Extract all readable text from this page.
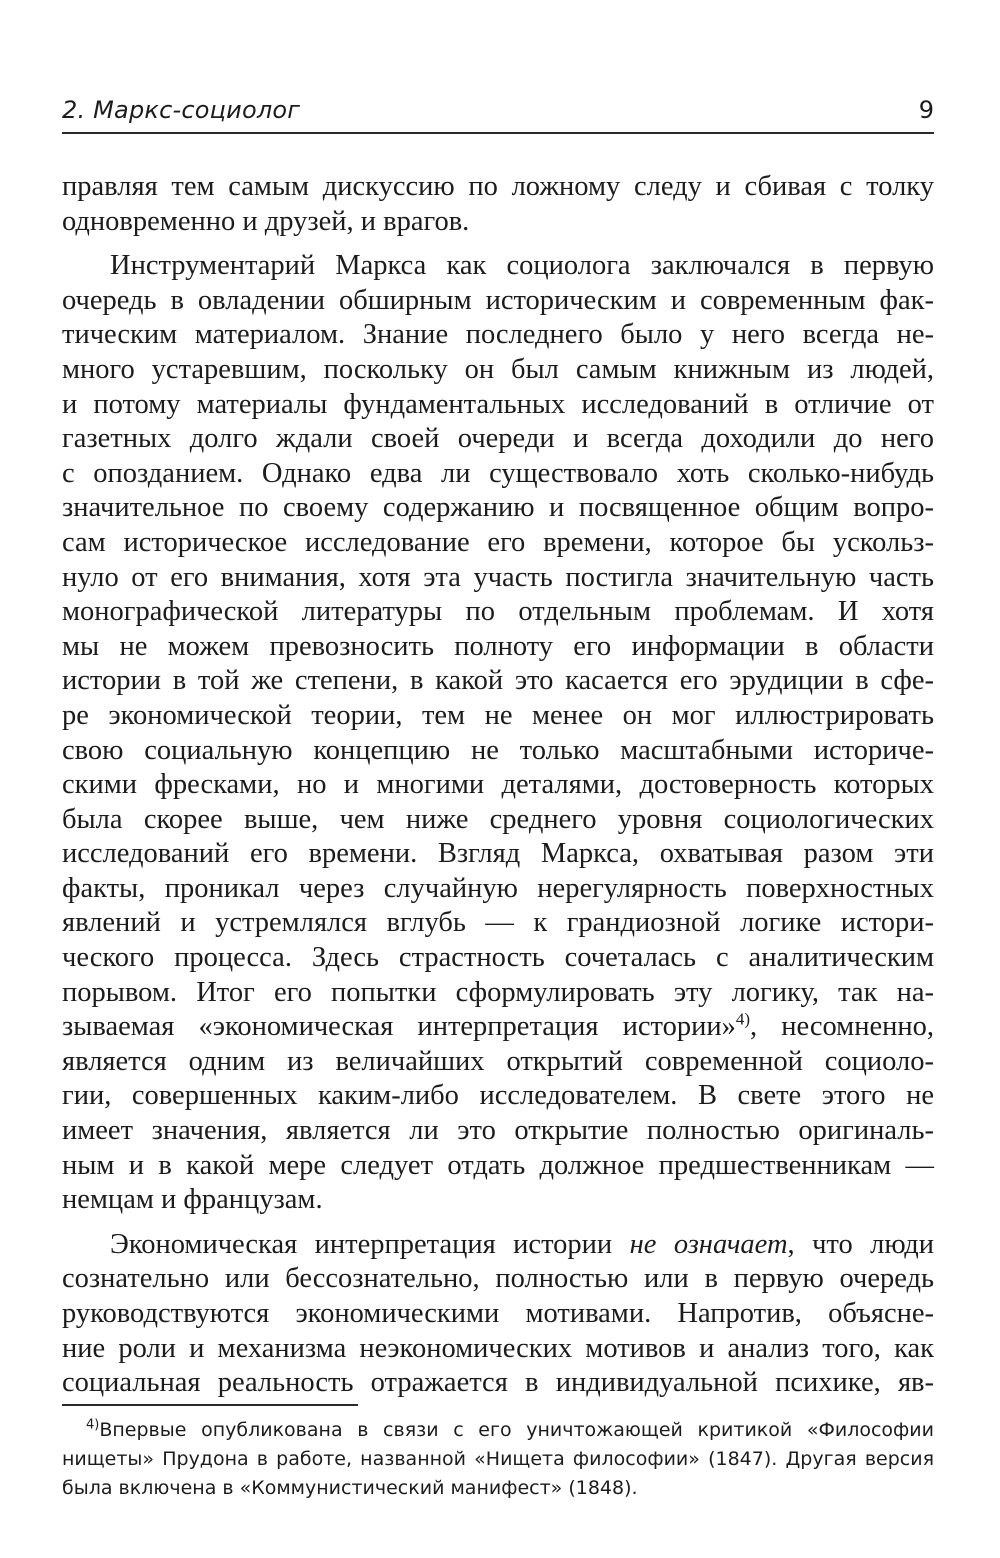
2. Маркс-социолог	9
правляя тем самым дискуссию по ложному следу и сбивая с толку
одновременно и друзей, и врагов.
Инструментарий Маркса как социолога заключался в первую
очередь в овладении обширным историческим и современным фак-
тическим материалом. Знание последнего было у него всегда не-
много устаревшим, поскольку он был самым книжным из людей,
и потому материалы фундаментальных исследований в отличие от
газетных долго ждали своей очереди и всегда доходили до него
с опозданием. Однако едва ли существовало хоть сколько-нибудь
значительное по своему содержанию и посвященное общим вопро-
сам историческое исследование его времени, которое бы ускольз-
нуло от его внимания, хотя эта участь постигла значительную часть
монографической литературы по отдельным проблемам. И хотя
мы не можем превозносить полноту его информации в области
истории в той же степени, в какой это касается его эрудиции в сфе-
ре экономической теории, тем не менее он мог иллюстрировать
свою социальную концепцию не только масштабными историче-
скими фресками, но и многими деталями, достоверность которых
была скорее выше, чем ниже среднего уровня социологических
исследований его времени. Взгляд Маркса, охватывая разом эти
факты, проникал через случайную нерегулярность поверхностных
явлений и устремлялся вглубь — к грандиозной логике истори-
ческого процесса. Здесь страстность сочеталась с аналитическим
порывом. Итог его попытки сформулировать эту логику, так на-
зываемая «экономическая интерпретация истории»$^{4)}$, несомненно,
является одним из величайших открытий современной социоло-
гии, совершенных каким-либо исследователем. В свете этого не
имеет значения, является ли это открытие полностью оригиналь-
ным и в какой мере следует отдать должное предшественникам —
немцам и французам.
Экономическая интерпретация истории не означает, что люди
сознательно или бессознательно, полностью или в первую очередь
руководствуются экономическими мотивами. Напротив, объясне-
ние роли и механизма неэкономических мотивов и анализ того, как
социальная реальность отражается в индивидуальной психике, яв-
$^{4)}$Впервые опубликована в связи с его уничтожающей критикой «Философии
нищеты» Прудона в работе, названной «Нищета философии» (1847). Другая версия
была включена в «Коммунистический манифест» (1848).
